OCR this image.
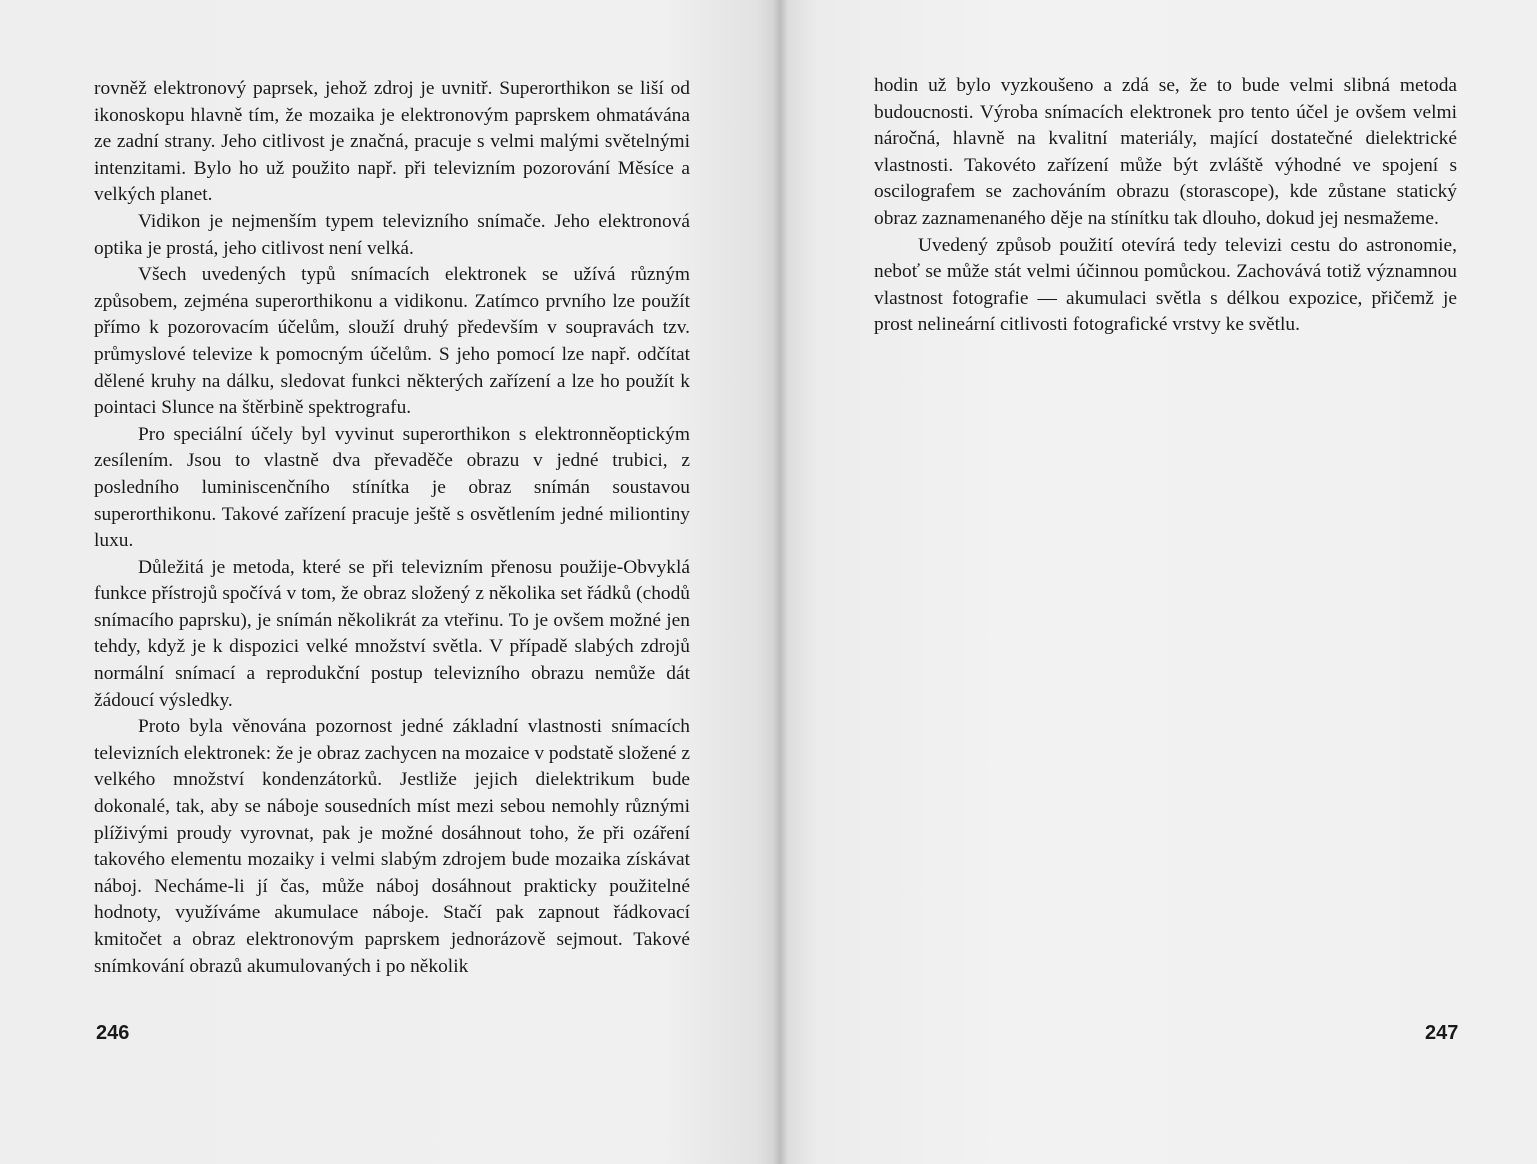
rovněž elektronový paprsek, jehož zdroj je uvnitř. Superorthikon se liší od ikonoskopu hlavně tím, že mozaika je elektronovým paprskem ohmatávána ze zadní strany. Jeho citlivost je značná, pracuje s velmi malými světelnými intenzitami. Bylo ho už použito např. při televizním pozorování Měsíce a velkých planet.

Vidikon je nejmenším typem televizního snímače. Jeho elektronová optika je prostá, jeho citlivost není velká.

Všech uvedených typů snímacích elektronek se užívá různým způsobem, zejména superorthikonu a vidikonu. Zatímco prvního lze použít přímo k pozorovacím účelům, slouží druhý především v soupravách tzv. průmyslové televize k pomocným účelům. S jeho pomocí lze např. odčítat dělené kruhy na dálku, sledovat funkci některých zařízení a lze ho použít k pointaci Slunce na štěrbině spektrografu.

Pro speciální účely byl vyvinut superorthikon s elektronněoptickým zesílením. Jsou to vlastně dva převaděče obrazu v jedné trubici, z posledního luminiscenčního stínítka je obraz snímán soustavou superorthikonu. Takové zařízení pracuje ještě s osvětlením jedné miliontiny luxu.

Důležitá je metoda, které se při televizním přenosu použije-Obvyklá funkce přístrojů spočívá v tom, že obraz složený z několika set řádků (chodů snímacího paprsku), je snímán několikrát za vteřinu. To je ovšem možné jen tehdy, když je k dispozici velké množství světla. V případě slabých zdrojů normální snímací a reprodukční postup televizního obrazu nemůže dát žádoucí výsledky.

Proto byla věnována pozornost jedné základní vlastnosti snímacích televizních elektronek: že je obraz zachycen na mozaice v podstatě složené z velkého množství kondenzátorků. Jestliže jejich dielektrikum bude dokonalé, tak, aby se náboje sousedních míst mezi sebou nemohly různými plíživými proudy vyrovnat, pak je možné dosáhnout toho, že při ozáření takového elementu mozaiky i velmi slabým zdrojem bude mozaika získávat náboj. Necháme-li jí čas, může náboj dosáhnout prakticky použitelné hodnoty, využíváme akumulace náboje. Stačí pak zapnout řádkovací kmitočet a obraz elektronovým paprskem jednorázově sejmout. Takové snímkování obrazů akumulovaných i po několik

246

hodin už bylo vyzkoušeno a zdá se, že to bude velmi slibná metoda budoucnosti. Výroba snímacích elektronek pro tento účel je ovšem velmi náročná, hlavně na kvalitní materiály, mající dostatečné dielektrické vlastnosti. Takovéto zařízení může být zvláště výhodné ve spojení s oscilografem se zachováním obrazu (storascope), kde zůstane statický obraz zaznamenaného děje na stínítku tak dlouho, dokud jej nesmažeme.

Uvedený způsob použití otevírá tedy televizi cestu do astronomie, neboť se může stát velmi účinnou pomůckou. Zachovává totiž významnou vlastnost fotografie — akumulaci světla s délkou expozice, přičemž je prost nelineární citlivosti fotografické vrstvy ke světlu.

247
